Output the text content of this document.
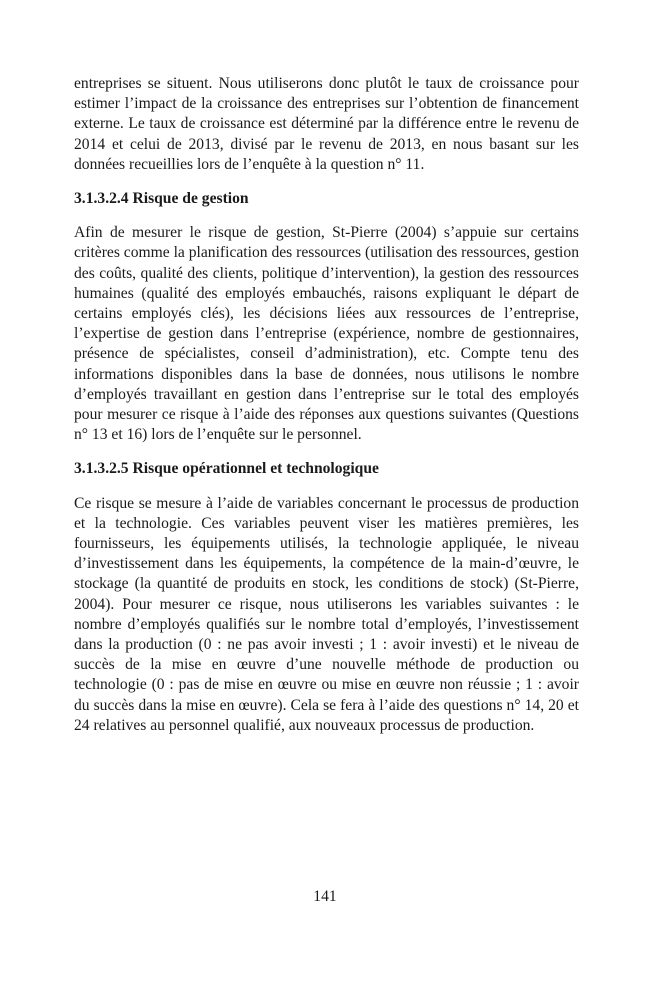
entreprises se situent. Nous utiliserons donc plutôt le taux de croissance pour estimer l’impact de la croissance des entreprises sur l’obtention de financement externe. Le taux de croissance est déterminé par la différence entre le revenu de 2014 et celui de 2013, divisé par le revenu de 2013, en nous basant sur les données recueillies lors de l’enquête à la question n° 11.

3.1.3.2.4 Risque de gestion

Afin de mesurer le risque de gestion, St-Pierre (2004) s’appuie sur certains critères comme la planification des ressources (utilisation des ressources, gestion des coûts, qualité des clients, politique d’intervention), la gestion des ressources humaines (qualité des employés embauchés, raisons expliquant le départ de certains employés clés), les décisions liées aux ressources de l’entreprise, l’expertise de gestion dans l’entreprise (expérience, nombre de gestionnaires, présence de spécialistes, conseil d’administration), etc. Compte tenu des informations disponibles dans la base de données, nous utilisons le nombre d’employés travaillant en gestion dans l’entreprise sur le total des employés pour mesurer ce risque à l’aide des réponses aux questions suivantes (Questions n° 13 et 16) lors de l’enquête sur le personnel.

3.1.3.2.5 Risque opérationnel et technologique

Ce risque se mesure à l’aide de variables concernant le processus de production et la technologie. Ces variables peuvent viser les matières premières, les fournisseurs, les équipements utilisés, la technologie appliquée, le niveau d’investissement dans les équipements, la compétence de la main-d’œuvre, le stockage (la quantité de produits en stock, les conditions de stock) (St-Pierre, 2004). Pour mesurer ce risque, nous utiliserons les variables suivantes : le nombre d’employés qualifiés sur le nombre total d’employés, l’investissement dans la production (0 : ne pas avoir investi ; 1 : avoir investi) et le niveau de succès de la mise en œuvre d’une nouvelle méthode de production ou technologie (0 : pas de mise en œuvre ou mise en œuvre non réussie ; 1 : avoir du succès dans la mise en œuvre). Cela se fera à l’aide des questions n° 14, 20 et 24 relatives au personnel qualifié, aux nouveaux processus de production.

141
